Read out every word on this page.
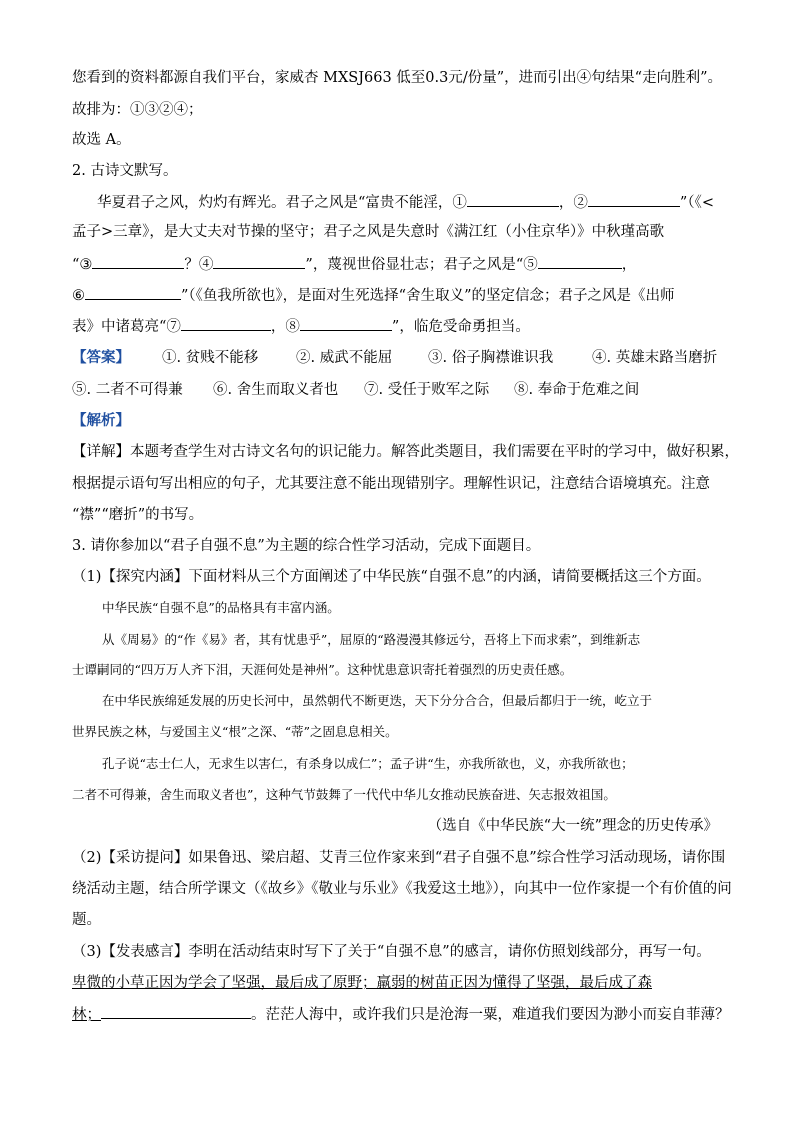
您看到的资料都源自我们平台，家威杏 MXSJ663 低至0.3元/份量”，进而引出④句结果“走向胜利”。
故排为：①③②④；
故选 A。
2. 古诗文默写。
华夏君子之风，灼灼有辉光。君子之风是“富贵不能淫，①	，②	”（《<
孟子>三章》，是大丈夫对节操的坚守；君子之风是失意时《满江红（小住京华）》中秋瑾高歌
“③	？④	”，蔑视世俗显壮志；君子之风是“⑤	，
⑥	”（《鱼我所欲也》，是面对生死选择“舍生取义”的坚定信念；君子之风是《出师
表》中诸葛亮“⑦	，⑧	”，临危受命勇担当。
【答案】 ①. 贫贱不能移	②. 威武不能屈 ③. 俗子胸襟谁识我	④. 英雄末路当磨折
⑤. 二者不可得兼 ⑥. 舍生而取义者也 ⑦. 受任于败军之际 ⑧. 奉命于危难之间
【解析】
【详解】本题考查学生对古诗文名句的识记能力。解答此类题目，我们需要在平时的学习中，做好积累，
根据提示语句写出相应的句子，尤其要注意不能出现错别字。理解性识记，注意结合语境填充。注意
“襟”“磨折”的书写。
3. 请你参加以“君子自强不息”为主题的综合性学习活动，完成下面题目。
（1)【探究内涵】下面材料从三个方面阐述了中华民族“自强不息”的内涵，请简要概括这三个方面。
中华民族“自强不息”的品格具有丰富内涵。
从《周易》的“作《易》者，其有忧患乎”，屈原的“路漫漫其修远兮，吾将上下而求索”，到维新志
士谭嗣同的“四万万人齐下泪，天涯何处是神州”。这种忧患意识寄托着强烈的历史责任感。
在中华民族绵延发展的历史长河中，虽然朝代不断更迭，天下分分合合，但最后都归于一统，屹立于
世界民族之林，与爱国主义“根”之深、“蒂”之固息息相关。
孔子说“志士仁人，无求生以害仁，有杀身以成仁”；孟子讲“生，亦我所欲也，义，亦我所欲也；
二者不可得兼，舍生而取义者也”，这种气节鼓舞了一代代中华儿女推动民族奋进、矢志报效祖国。
（选自《中华民族“大一统”理念的历史传承》
（2)【采访提问】如果鲁迅、梁启超、艾青三位作家来到“君子自强不息”综合性学习活动现场，请你围
绕活动主题，结合所学课文（《故乡》《敬业与乐业》《我爱这土地》），向其中一位作家提一个有价值的问
题。
（3)【发表感言】李明在活动结束时写下了关于“自强不息”的感言，请你仿照划线部分，再写一句。
卑微的小草正因为学会了坚强，最后成了原野；羸弱的树苗正因为懂得了坚强，最后成了森
林；	。茫茫人海中，或许我们只是沧海一粟，难道我们要因为渺小而妄自菲薄？
